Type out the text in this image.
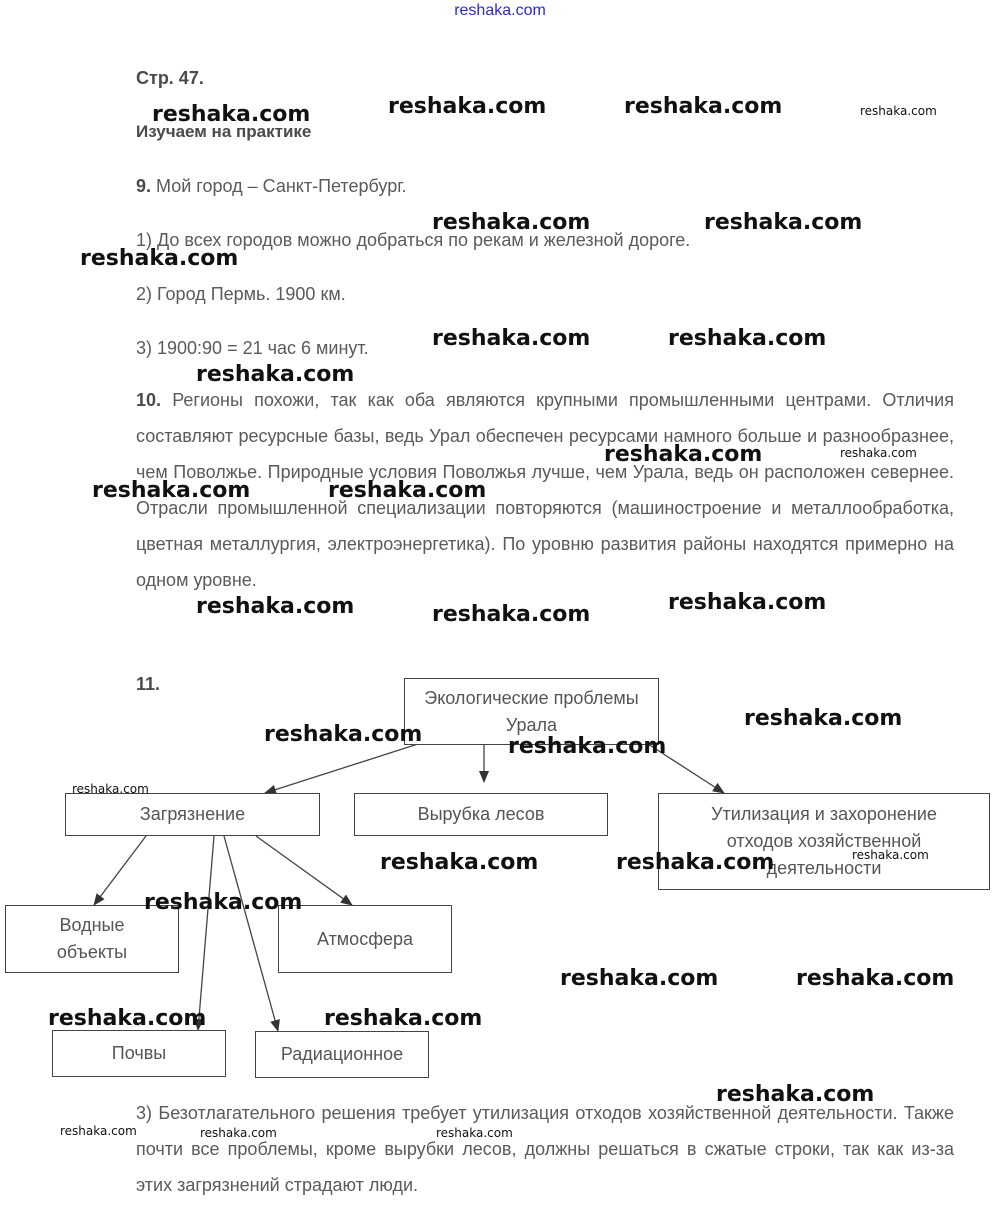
reshaka.com
Стр. 47.
Изучаем на практике
9. Мой город – Санкт-Петербург.
1) До всех городов можно добраться по рекам и железной дороге.
2) Город Пермь. 1900 км.
3) 1900:90 = 21 час 6 минут.
10. Регионы похожи, так как оба являются крупными промышленными центрами. Отличия составляют ресурсные базы, ведь Урал обеспечен ресурсами намного больше и разнообразнее, чем Поволжье. Природные условия Поволжья лучше, чем Урала, ведь он расположен севернее. Отрасли промышленной специализации повторяются (машиностроение и металлообработка, цветная металлургия, электроэнергетика). По уровню развития районы находятся примерно на одном уровне.
11.
Экологические проблемы Урала
Загрязнение	Вырубка лесов	Утилизация и захоронение отходов хозяйственной деятельности
Водные объекты
Атмосфера
Почвы	Радиационное
3) Безотлагательного решения требует утилизация отходов хозяйственной деятельности. Также почти все проблемы, кроме вырубки лесов, должны решаться в сжатые строки, так как из-за этих загрязнений страдают люди.
reshaka.com	reshaka.com	reshaka.com	reshaka.com
reshaka.com	reshaka.com
reshaka.com
reshaka.com	reshaka.com
reshaka.com
reshaka.com	reshaka.com
reshaka.com	reshaka.com
reshaka.com	reshaka.com
reshaka.com
reshaka.com
reshaka.com	reshaka.com
reshaka.com
reshaka.com	reshaka.com	reshaka.com
reshaka.com
reshaka.com	reshaka.com
reshaka.com	reshaka.com
reshaka.com
reshaka.com	reshaka.com	reshaka.com
